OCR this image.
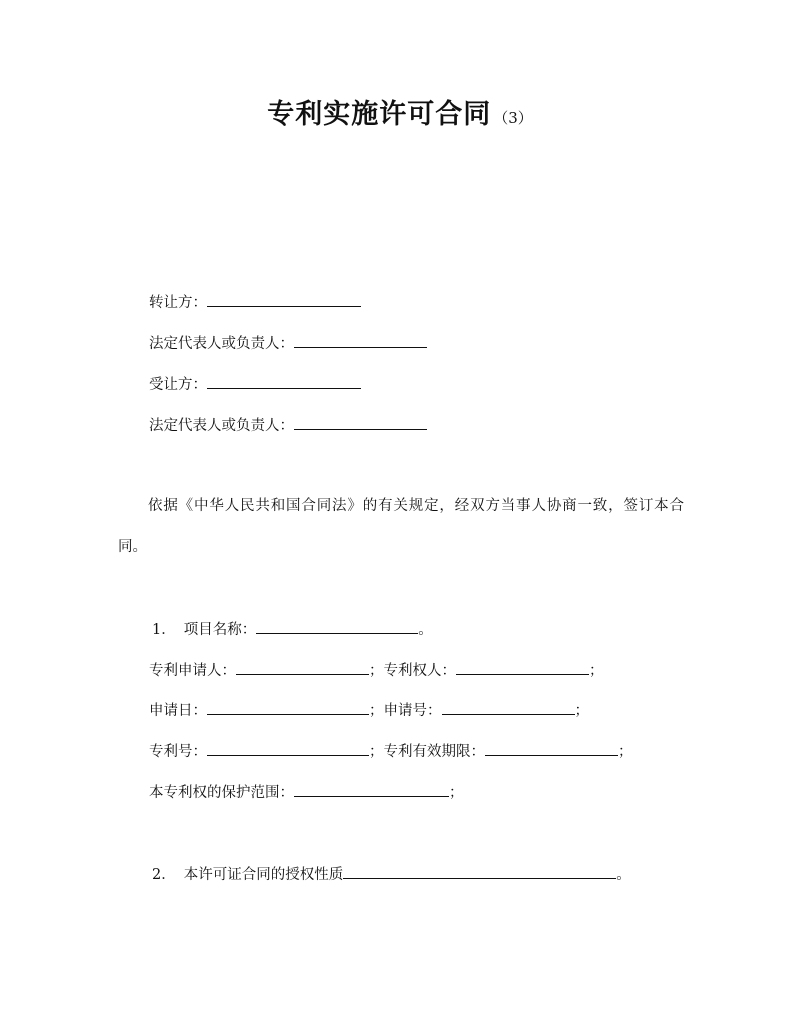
专利实施许可合同 （3）
转让方：
法定代表人或负责人：
受让方：
法定代表人或负责人：
依据《中华人民共和国合同法》的有关规定，经双方当事人协商一致，签订本合同。
1． 项目名称：	。
专利申请人：	；专利权人：	；
申请日：	；申请号：	；
专利号：	；专利有效期限：	；
本专利权的保护范围：	；
2． 本许可证合同的授权性质	。
